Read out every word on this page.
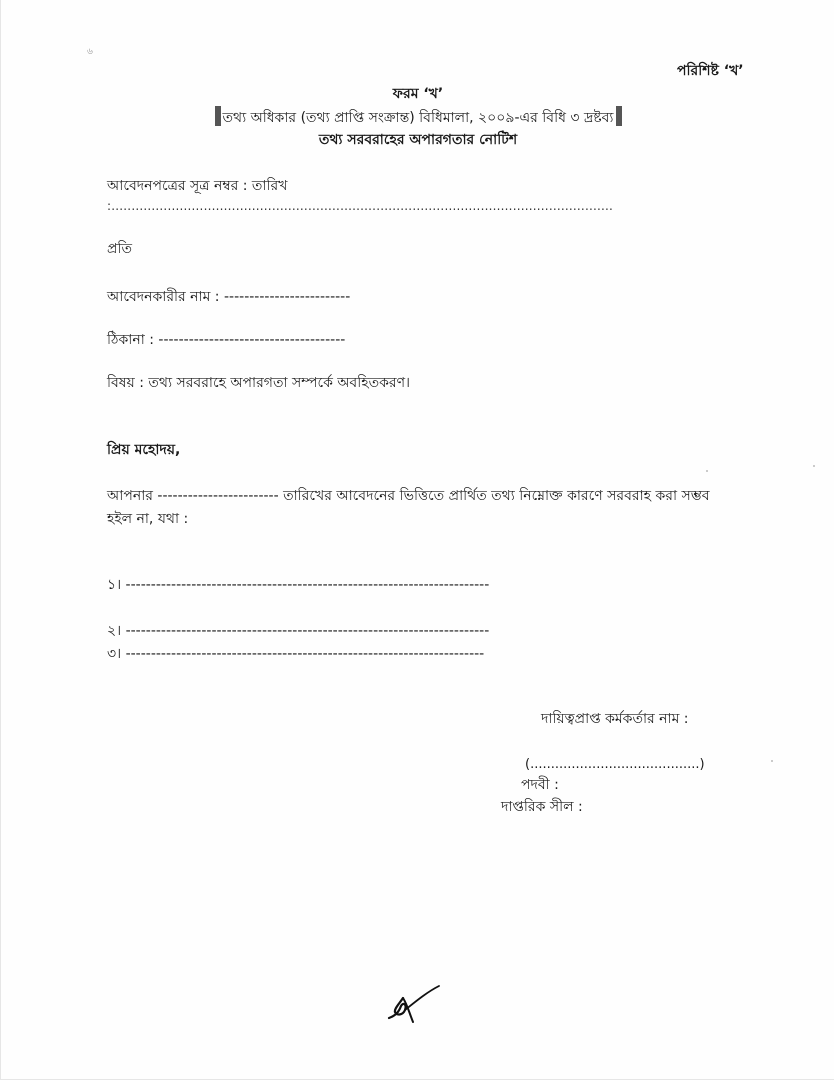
৬
পরিশিষ্ট ‘খ’
ফরম ‘খ’
তথ্য অধিকার (তথ্য প্রাপ্তি সংক্রান্ত) বিধিমালা, ২০০৯-এর বিধি ৩ দ্রষ্টব্য
তথ্য সরবরাহের অপারগতার নোটিশ
আবেদনপত্রের সূত্র নম্বর : তারিখ
:.............................................................................................................................
প্রতি
আবেদনকারীর নাম : -------------------------
ঠিকানা : -------------------------------------
বিষয় : তথ্য সরবরাহে অপারগতা সম্পর্কে অবহিতকরণ।
প্রিয় মহোদয়,
আপনার ------------------------ তারিখের আবেদনের ভিত্তিতে প্রার্থিত তথ্য নিম্নোক্ত কারণে সরবরাহ করা সম্ভব
হইল না, যথা :
১। ------------------------------------------------------------------------
২। ------------------------------------------------------------------------
৩। -----------------------------------------------------------------------
দায়িত্বপ্রাপ্ত কর্মকর্তার নাম :
(.........................................)
পদবী :
দাপ্তরিক সীল :
